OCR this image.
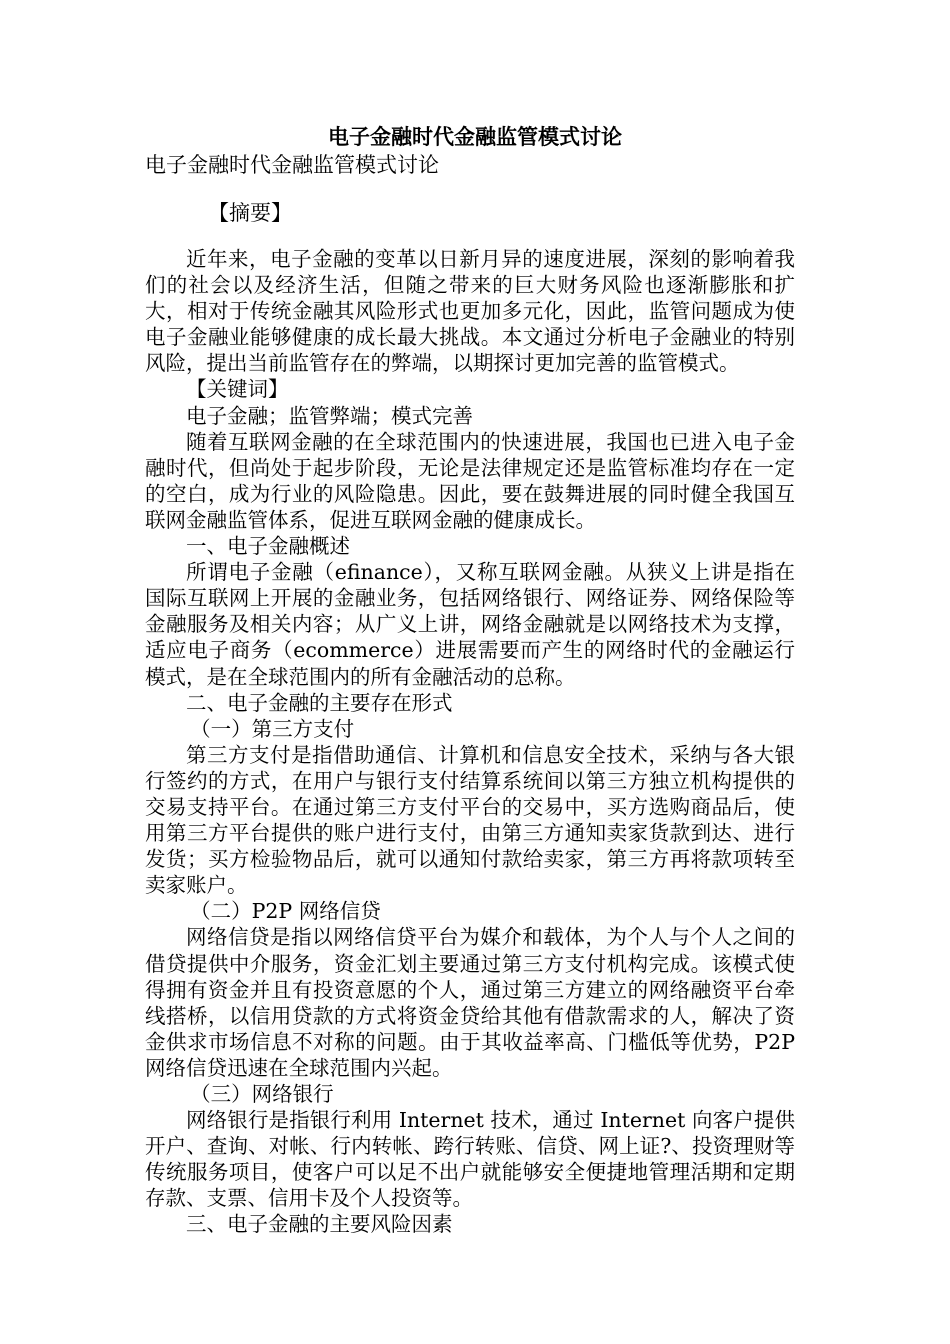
电子金融时代金融监管模式讨论
电子金融时代金融监管模式讨论
【摘要】

近年来，电子金融的变革以日新月异的速度进展，深刻的影响着我们的社会以及经济生活，但随之带来的巨大财务风险也逐渐膨胀和扩大，相对于传统金融其风险形式也更加多元化，因此，监管问题成为使电子金融业能够健康的成长最大挑战。本文通过分析电子金融业的特别风险，提出当前监管存在的弊端，以期探讨更加完善的监管模式。

【关键词】

电子金融；监管弊端；模式完善

随着互联网金融的在全球范围内的快速进展，我国也已进入电子金融时代，但尚处于起步阶段，无论是法律规定还是监管标准均存在一定的空白，成为行业的风险隐患。因此，要在鼓舞进展的同时健全我国互联网金融监管体系，促进互联网金融的健康成长。

一、电子金融概述

所谓电子金融（efinance），又称互联网金融。从狭义上讲是指在国际互联网上开展的金融业务，包括网络银行、网络证券、网络保险等金融服务及相关内容；从广义上讲，网络金融就是以网络技术为支撑，适应电子商务（ecommerce）进展需要而产生的网络时代的金融运行模式，是在全球范围内的所有金融活动的总称。

二、电子金融的主要存在形式

（一）第三方支付

第三方支付是指借助通信、计算机和信息安全技术，采纳与各大银行签约的方式，在用户与银行支付结算系统间以第三方独立机构提供的交易支持平台。在通过第三方支付平台的交易中，买方选购商品后，使用第三方平台提供的账户进行支付，由第三方通知卖家货款到达、进行发货；买方检验物品后，就可以通知付款给卖家，第三方再将款项转至卖家账户。

（二）P2P 网络信贷

网络信贷是指以网络信贷平台为媒介和载体，为个人与个人之间的借贷提供中介服务，资金汇划主要通过第三方支付机构完成。该模式使得拥有资金并且有投资意愿的个人，通过第三方建立的网络融资平台牵线搭桥，以信用贷款的方式将资金贷给其他有借款需求的人，解决了资金供求市场信息不对称的问题。由于其收益率高、门槛低等优势，P2P 网络信贷迅速在全球范围内兴起。

（三）网络银行

网络银行是指银行利用 Internet 技术，通过 Internet 向客户提供开户、查询、对帐、行内转帐、跨行转账、信贷、网上证?、投资理财等传统服务项目，使客户可以足不出户就能够安全便捷地管理活期和定期存款、支票、信用卡及个人投资等。

三、电子金融的主要风险因素
